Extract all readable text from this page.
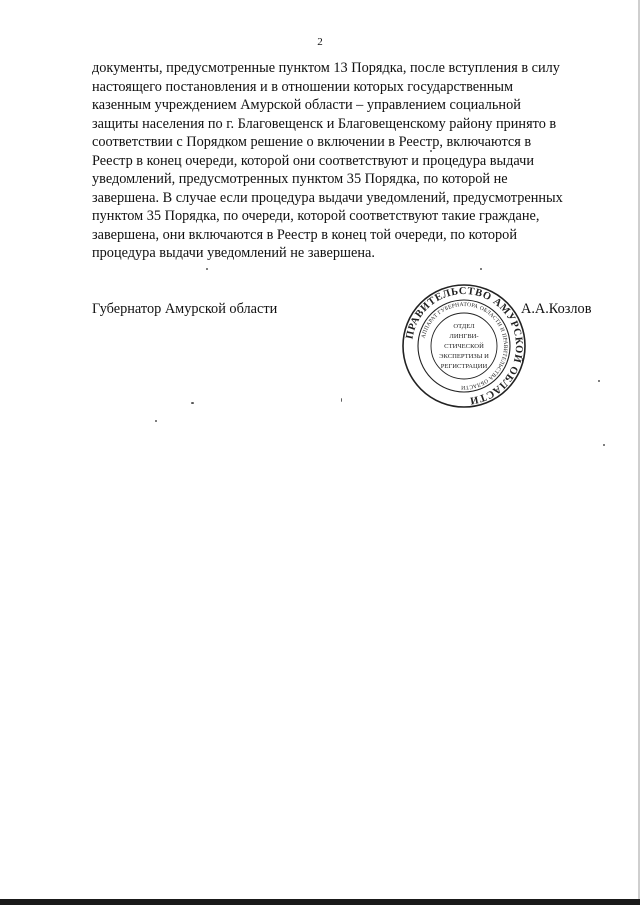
2

документы, предусмотренные пунктом 13 Порядка, после вступления в силу

настоящего постановления и в отношении которых государственным

казенным учреждением Амурской области – управлением социальной

защиты населения по г. Благовещенск и Благовещенскому району принято в

соответствии с Порядком решение о включении в Реестр, включаются в

Реестр в конец очереди, которой они соответствуют и процедура выдачи

уведомлений, предусмотренных пунктом 35 Порядка, по которой не

завершена. В случае если процедура выдачи уведомлений, предусмотренных

пунктом 35 Порядка, по очереди, которой соответствуют такие граждане,

завершена, они включаются в Реестр в конец той очереди, по которой

процедура выдачи уведомлений не завершена.

Губернатор Амурской области	А.А.Козлов
ПРАВИТЕЛЬСТВО АМУРСКОЙ ОБЛАСТИ
АППАРАТ ГУБЕРНАТОРА ОБЛАСТИ И ПРАВИТЕЛЬСТВА ОБЛАСТИ
ОТДЕЛ
ЛИНГВИ-
СТИЧЕСКОЙ
ЭКСПЕРТИЗЫ И
РЕГИСТРАЦИИ
